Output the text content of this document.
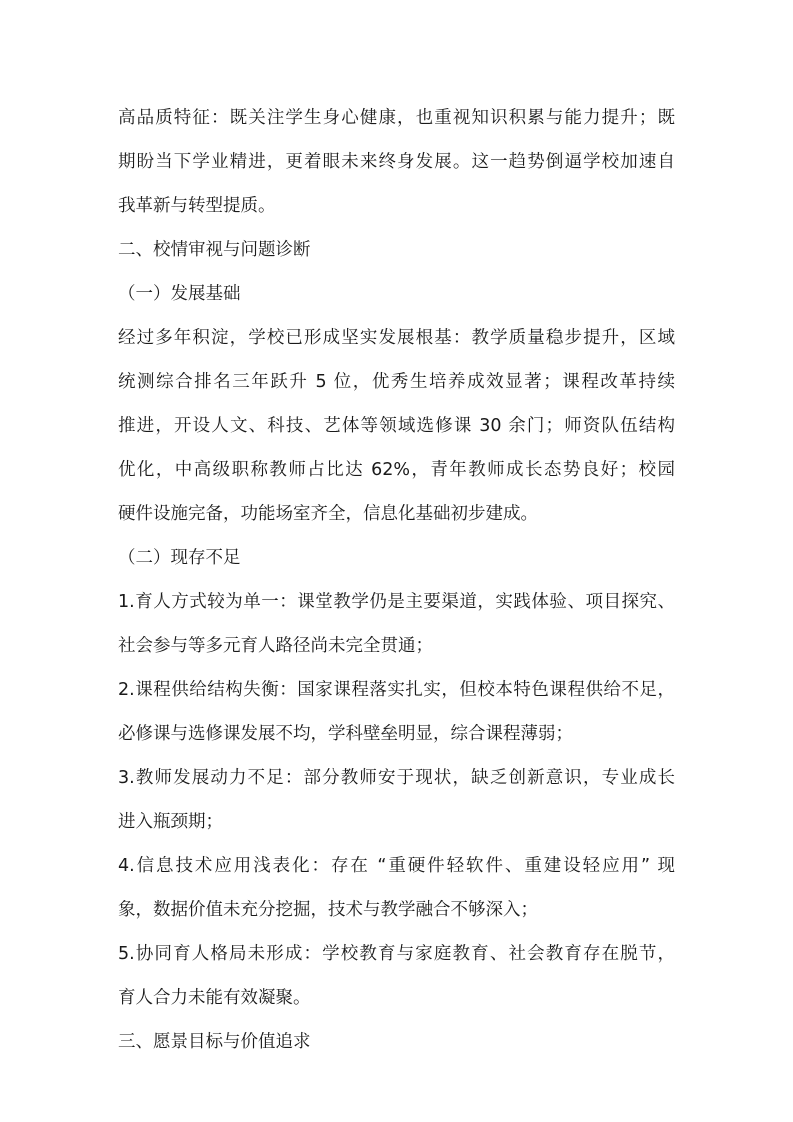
高品质特征：既关注学生身心健康，也重视知识积累与能力提升；既
期盼当下学业精进，更着眼未来终身发展。这一趋势倒逼学校加速自
我革新与转型提质。
二、校情审视与问题诊断
（一）发展基础
经过多年积淀，学校已形成坚实发展根基：教学质量稳步提升，区域
统测综合排名三年跃升 5 位，优秀生培养成效显著；课程改革持续
推进，开设人文、科技、艺体等领域选修课 30 余门；师资队伍结构
优化，中高级职称教师占比达 62%，青年教师成长态势良好；校园
硬件设施完备，功能场室齐全，信息化基础初步建成。
（二）现存不足
1.育人方式较为单一：课堂教学仍是主要渠道，实践体验、项目探究、
社会参与等多元育人路径尚未完全贯通；
2.课程供给结构失衡：国家课程落实扎实，但校本特色课程供给不足，
必修课与选修课发展不均，学科壁垒明显，综合课程薄弱；
3.教师发展动力不足：部分教师安于现状，缺乏创新意识，专业成长
进入瓶颈期；
4.信息技术应用浅表化：存在 “重硬件轻软件、重建设轻应用” 现
象，数据价值未充分挖掘，技术与教学融合不够深入；
5.协同育人格局未形成：学校教育与家庭教育、社会教育存在脱节，
育人合力未能有效凝聚。
三、愿景目标与价值追求
